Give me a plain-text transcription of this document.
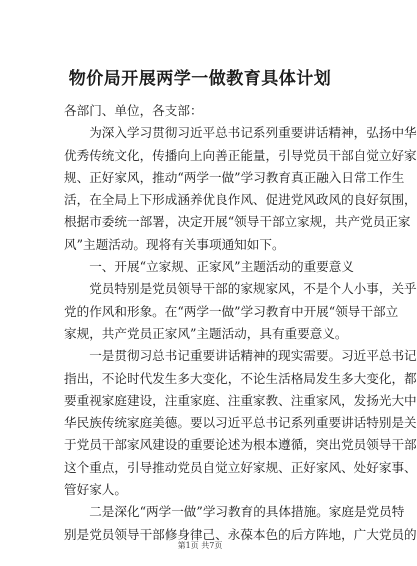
物价局开展两学一做教育具体计划
各部门、单位，各支部：
　　为深入学习贯彻习近平总书记系列重要讲话精神，弘扬中华
优秀传统文化，传播向上向善正能量，引导党员干部自觉立好家
规、正好家风，推动“两学一做”学习教育真正融入日常工作生
活，在全局上下形成涵养优良作风、促进党风政风的良好氛围，
根据市委统一部署，决定开展“领导干部立家规，共产党员正家
风”主题活动。现将有关事项通知如下。
　　一、开展“立家规、正家风”主题活动的重要意义
　　党员特别是党员领导干部的家规家风，不是个人小事，关乎
党的作风和形象。在“两学一做”学习教育中开展“领导干部立
家规，共产党员正家风”主题活动，具有重要意义。
　　一是贯彻习总书记重要讲话精神的现实需要。习近平总书记
指出，不论时代发生多大变化，不论生活格局发生多大变化，都
要重视家庭建设，注重家庭、注重家教、注重家风，发扬光大中
华民族传统家庭美德。要以习近平总书记系列重要讲话特别是关
于党员干部家风建设的重要论述为根本遵循，突出党员领导干部
这个重点，引导推动党员自觉立好家规、正好家风、处好家事、
管好家人。
　　二是深化“两学一做”学习教育的具体措施。家庭是党员特
别是党员领导干部修身律己、永葆本色的后方阵地，广大党员的
第1页 共7页
